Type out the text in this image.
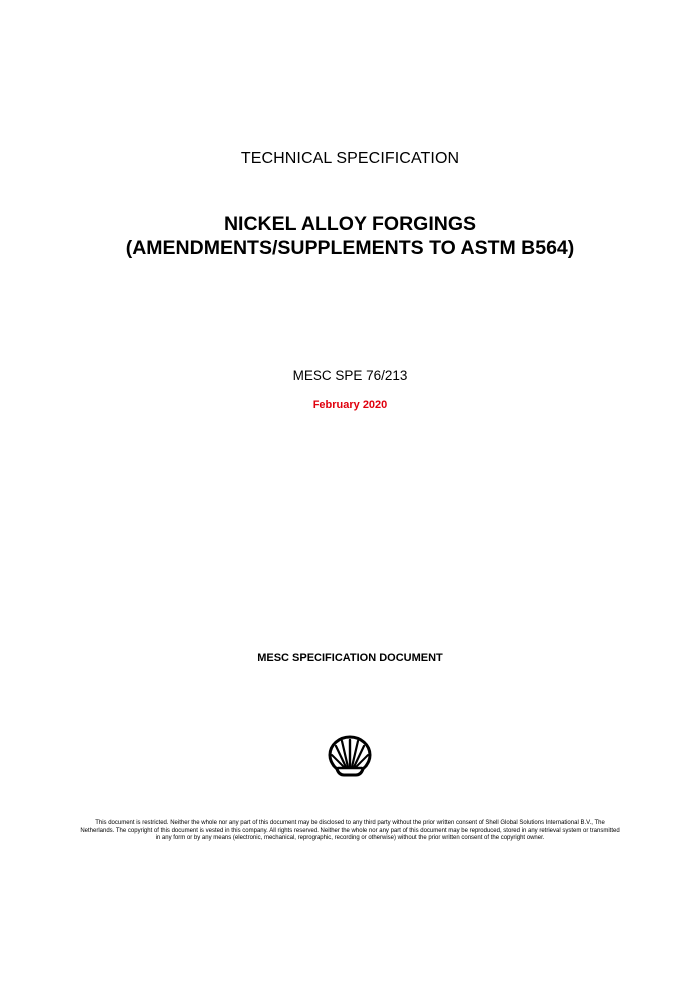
TECHNICAL SPECIFICATION
NICKEL ALLOY FORGINGS
(AMENDMENTS/SUPPLEMENTS TO ASTM B564)
MESC SPE 76/213
February 2020
MESC SPECIFICATION DOCUMENT
This document is restricted. Neither the whole nor any part of this document may be disclosed to any third party without the prior written consent of Shell Global Solutions International B.V., The Netherlands. The copyright of this document is vested in this company. All rights reserved. Neither the whole nor any part of this document may be reproduced, stored in any retrieval system or transmitted in any form or by any means (electronic, mechanical, reprographic, recording or otherwise) without the prior written consent of the copyright owner.
